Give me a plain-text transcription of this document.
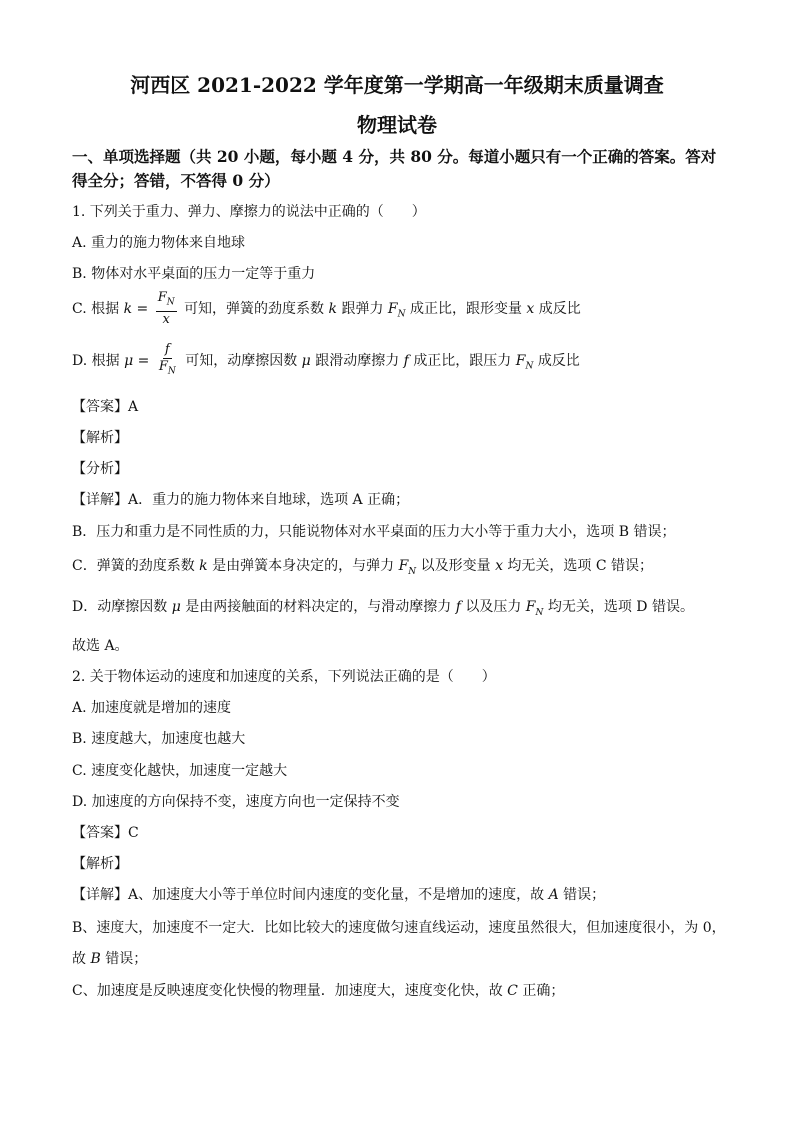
河西区 2021-2022 学年度第一学期高一年级期末质量调查
物理试卷
一、单项选择题（共 20 小题，每小题 4 分，共 80 分。每道小题只有一个正确的答案。答对
得全分；答错，不答得 0 分）
1. 下列关于重力、弹力、摩擦力的说法中正确的（　　）
A. 重力的施力物体来自地球
B. 物体对水平桌面的压力一定等于重力
C. 根据 $k = \frac{F_N}{x}$ 可知，弹簧的劲度系数 k 跟弹力 $F_N$ 成正比，跟形变量 x 成反比
D. 根据 $\mu = \frac{f}{F_N}$ 可知，动摩擦因数 μ 跟滑动摩擦力 f 成正比，跟压力 $F_N$ 成反比
【答案】A
【解析】
【分析】
【详解】A．重力的施力物体来自地球，选项 A 正确；
B．压力和重力是不同性质的力，只能说物体对水平桌面的压力大小等于重力大小，选项 B 错误；
C．弹簧的劲度系数 k 是由弹簧本身决定的，与弹力 $F_N$ 以及形变量 x 均无关，选项 C 错误；
D．动摩擦因数 μ 是由两接触面的材料决定的，与滑动摩擦力 f 以及压力 $F_N$ 均无关，选项 D 错误。
故选 A。
2. 关于物体运动的速度和加速度的关系，下列说法正确的是（　　）
A. 加速度就是增加的速度
B. 速度越大，加速度也越大
C. 速度变化越快，加速度一定越大
D. 加速度的方向保持不变，速度方向也一定保持不变
【答案】C
【解析】
【详解】A、加速度大小等于单位时间内速度的变化量，不是增加的速度，故 A 错误；
B、速度大，加速度不一定大．比如比较大的速度做匀速直线运动，速度虽然很大，但加速度很小，为 0，
故 B 错误；
C、加速度是反映速度变化快慢的物理量．加速度大，速度变化快，故 C 正确；
